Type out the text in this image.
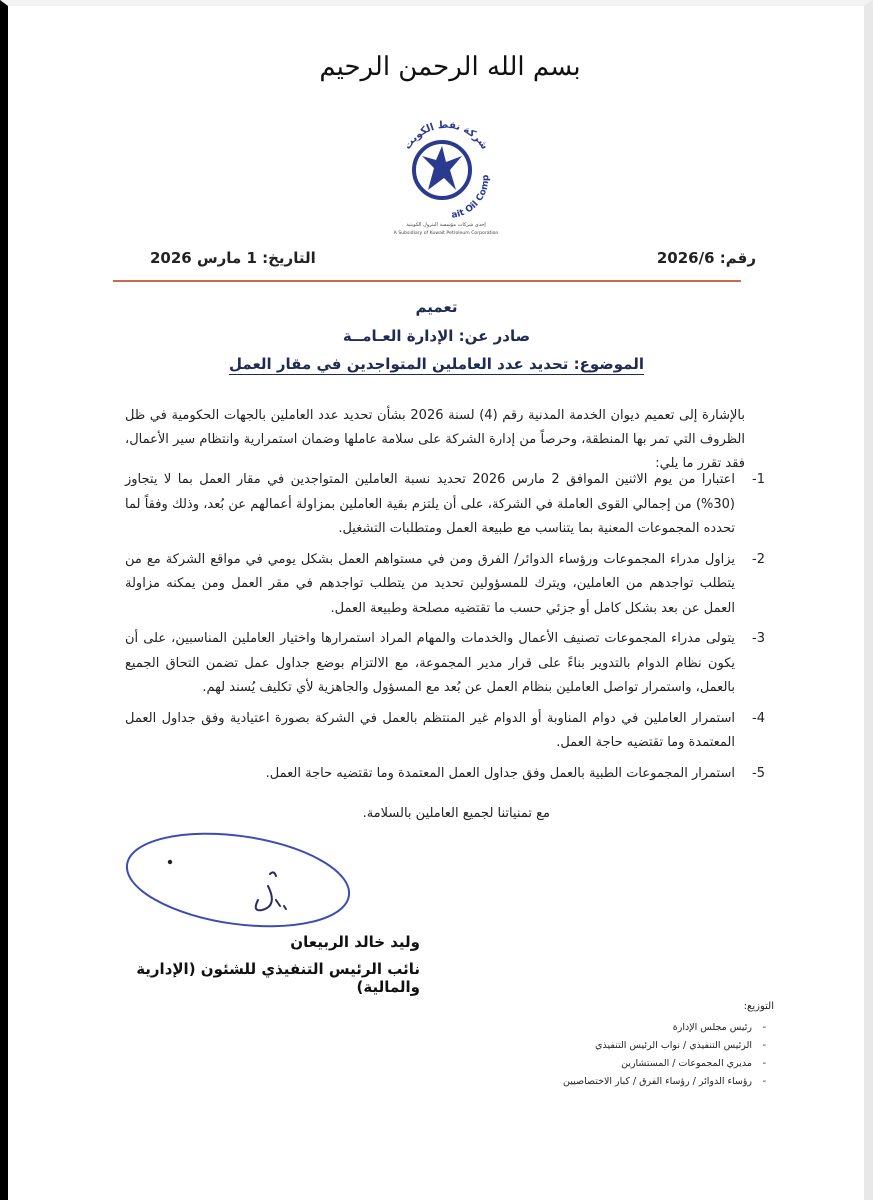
بسم الله الرحمن الرحيم
شركة نفط الكويت
ait Oil Comp
إحدى شركات مؤسسة البترول الكويتية
A Subsidiary of Kuwait Petroleum Corporation
رقم: 2026/6
التاريخ: 1 مارس 2026
تعميم
صادر عن: الإدارة العـامــة
الموضوع: تحديد عدد العاملين المتواجدين في مقار العمل

بالإشارة إلى تعميم ديوان الخدمة المدنية رقم (4) لسنة 2026 بشأن تحديد عدد العاملين بالجهات الحكومية في ظل الظروف التي تمر بها المنطقة، وحرصاً من إدارة الشركة على سلامة عاملها وضمان استمرارية وانتظام سير الأعمال، فقد تقرر ما يلي:

-1
اعتبارا من يوم الاثنين الموافق 2 مارس 2026 تحديد نسبة العاملين المتواجدين في مقار العمل بما لا يتجاوز (30%) من إجمالي القوى العاملة في الشركة، على أن يلتزم بقية العاملين بمزاولة أعمالهم عن بُعد، وذلك وفقاً لما تحدده المجموعات المعنية بما يتناسب مع طبيعة العمل ومتطلبات التشغيل.
-2
يزاول مدراء المجموعات ورؤساء الدوائر/ الفرق ومن في مستواهم العمل بشكل يومي في مواقع الشركة مع من يتطلب تواجدهم من العاملين، ويترك للمسؤولين تحديد من يتطلب تواجدهم في مقر العمل ومن يمكنه مزاولة العمل عن بعد بشكل كامل أو جزئي حسب ما تقتضيه مصلحة وطبيعة العمل.
-3
يتولى مدراء المجموعات تصنيف الأعمال والخدمات والمهام المراد استمرارها واختيار العاملين المناسبين، على أن يكون نظام الدوام بالتدوير بناءً على قرار مدير المجموعة، مع الالتزام بوضع جداول عمل تضمن التحاق الجميع بالعمل، واستمرار تواصل العاملين بنظام العمل عن بُعد مع المسؤول والجاهزية لأي تكليف يُسند لهم.
-4
استمرار العاملين في دوام المناوبة أو الدوام غير المنتظم بالعمل في الشركة بصورة اعتيادية وفق جداول العمل المعتمدة وما تقتضيه حاجة العمل.
-5
استمرار المجموعات الطبية بالعمل وفق جداول العمل المعتمدة وما تقتضيه حاجة العمل.
مع تمنياتنا لجميع العاملين بالسلامة.
وليد خالد الربيعان
نائب الرئيس التنفيذي للشئون (الإدارية والمالية)
التوزيع:
-
رئيس مجلس الإدارة
-
الرئيس التنفيذي / نواب الرئيس التنفيذي
-
مديري المجموعات / المستشارين
-
رؤساء الدوائر / رؤساء الفرق / كبار الاختصاصيين
